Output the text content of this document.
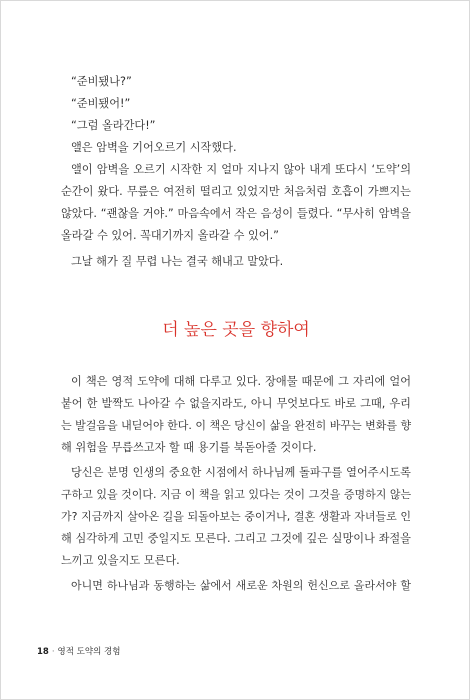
“준비됐나?”

“준비됐어!”

“그럼 올라간다!”

앨은 암벽을 기어오르기 시작했다.

앨이 암벽을 오르기 시작한 지 얼마 지나지 않아 내게 또다시 ‘도약’의

순간이 왔다. 무릎은 여전히 떨리고 있었지만 처음처럼 호흡이 가쁘지는

않았다. “괜찮을 거야.” 마음속에서 작은 음성이 들렸다. “무사히 암벽을

올라갈 수 있어. 꼭대기까지 올라갈 수 있어.”

그날 해가 질 무렵 나는 결국 해내고 말았다.

더 높은 곳을 향하여

이 책은 영적 도약에 대해 다루고 있다. 장애물 때문에 그 자리에 얼어

붙어 한 발짝도 나아갈 수 없을지라도, 아니 무엇보다도 바로 그때, 우리

는 발걸음을 내딛어야 한다. 이 책은 당신이 삶을 완전히 바꾸는 변화를 향

해 위험을 무릅쓰고자 할 때 용기를 북돋아줄 것이다.

당신은 분명 인생의 중요한 시점에서 하나님께 돌파구를 열어주시도록

구하고 있을 것이다. 지금 이 책을 읽고 있다는 것이 그것을 증명하지 않는

가? 지금까지 살아온 길을 되돌아보는 중이거나, 결혼 생활과 자녀들로 인

해 심각하게 고민 중일지도 모른다. 그리고 그것에 깊은 실망이나 좌절을

느끼고 있을지도 모른다.

아니면 하나님과 동행하는 삶에서 새로운 차원의 헌신으로 올라서야 할

18 · 영적 도약의 경험
